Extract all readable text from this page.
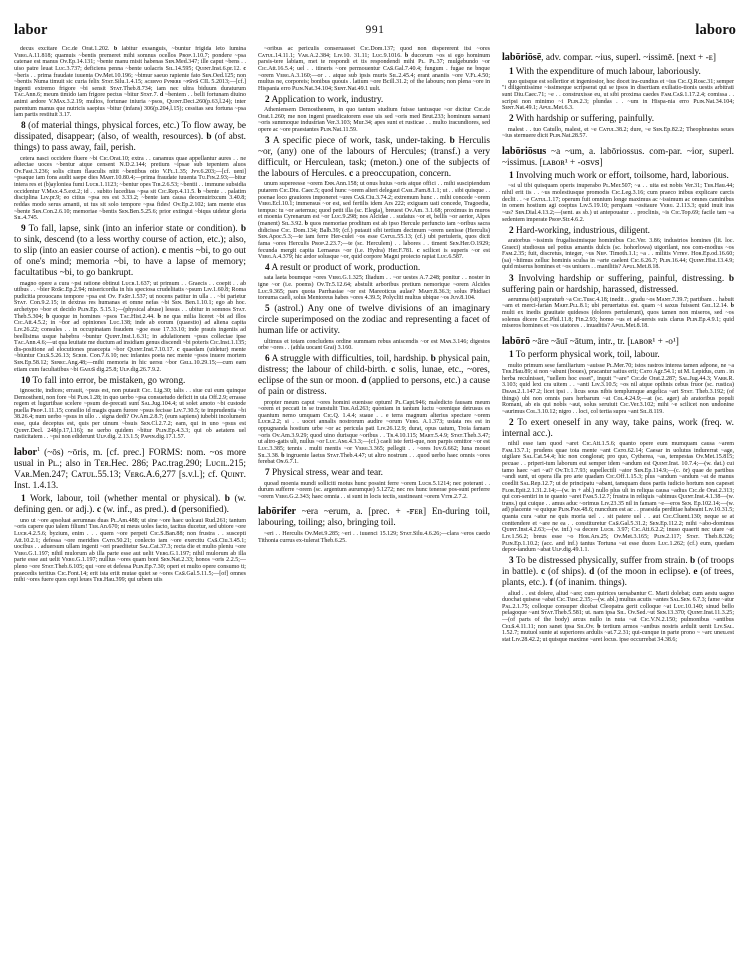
labor	991	laboro

decus excitare Cɪᴄ.de Orat.1.202. b labitur exsanguis, ~buntur frigida leto lumina Vᴇʀɢ.A.11.818; quamuis ~bentis premeret mihi somnus ocellos Pʀᴏᴘ.1.10.7; pondere ~psa catenae est manus Ov.Ep.14.131; ~bente manu misit habenas Sᴇɴ.Med.347; ille caput ~bens . . uiso patre leuat Lᴜᴄ.3.737; deficiens penna ~bente uolacris Sɪʟ.14.595; Qᴜɪɴᴛ.Inst.6.pr.12. c ~beris . . prima fraudate iuuenta Ov.Met.10.196; ~bimur saeuo rapiente fato Sᴇɴ.Oed.125; non ~bentis Numa timuit sic curia felix Sᴛᴀᴛ.Silu.1.4.15; ᴀᴄᴇʀᴠᴏ ꜰᴠɴᴇʀᴇ ~ᴘꜱᴠꜱ CIL 5.2013;—[cf.] ingenti extremo frigore ~bi sensit Sᴛᴀᴛ.Theb.8.734; iam nec ultra biduum duraturum Tᴀᴄ.Ann.6; meum timido iam frigore pectus ~bitur Sᴛᴀᴛ.7. d ~bentem . . belli fortunam diuino animi ardore V.Mᴀx.3.2.19; multos, fortunae iniuria ~psos, Qᴜɪɴᴛ.Deci.260(p.63,l.24); inter parentum manus que nutricis saepius ~bitur (infans) 306(p.204,l.15); cessitas seu fortuna ~psa iam partis restituit 3.17.

8 (of material things, physical forces, etc.) To flow away, be dissipated, disappear; (also, of wealth, resources). b (of abst. things) to pass away, fail, perish.

cetera nasci occidere fluere ~bi Cɪᴄ.Orat.10; extra . . canamus quae appellantur aures . . ne adiectae uoces ~bentur atque censent N.D.2.144; pretium ~ipsae sub tepentem aluos Ov.Fast.3.236; solis citum flauculis nitit ~bentibus otio V.Fʟ.1.35; Jᴠv.6.203;—[cf. ueni] ~psaque iam fons audit saepe dies Mᴀʀᴛ.10.80.4;—prima fraudate iuuenta Tᴜ.Fɪɴ.2.93;—bitur intera res et (b)ayloniea fumi Lᴜᴄʀ.1.1123; ~bentur opes Tɪʙ.2.6.53; ~bentii . . immune subsidia occidentur V.Mᴀx.4.5.ext.2; id . . subito luceditas ~psa sit Cɪᴄ.Rep.4.11.5. b ~bente . . palatim disciplina Lɪv.pr.9; eo citius ~psa res est 3.33.2; ~bente iam causa decemuirixcum 3.40.8; reddas modo serus amanti, ut tus sit solo tempore ~psa fides! Ov.Ep.2.102; iam mente eius ~bente Sᴇɴ.Con.2.6.10; memoriae ~bentis Sᴇɴ.Ben.5.25.6; prior extingui ~biqus uidetur gloria Sɪʟ.4.745.

9 To fall, lapse, sink (into an inferior state or condition). b to sink, descend (to a less worthy course of action, etc.); also, to slip (into an easier course of action). c mentis ~bi, to go out of one's mind; memoria ~bi, to have a lapse of memory; facultatibus ~bi, to go bankrupt.

magno opere a cura ~psi ratione obtinui Lᴜᴄʀ.1.637; ut primum . . Graecis . . coepit . . ab utibus . . ~bier Rᴏꜱᴄ.Ep.2.94; misericordia in his speciosa crudelitatis ~psum Lɪv.1.60.8; Roma pudicitia prouocans tempore ~psa est Ov. Fᴀꜱᴛ.1.537; ut nocens patitur in ulla . . ~bi parietur Sᴛᴀᴛ. Con.9.2.15; in dextras res humanas et omne nefas ~bi Sᴇɴ. Ben.1.10.1; ego ab hoc. archetypo ~bor et decido Pʟɪɴ.Ep. 5.15.1;—(physical abuse) lessus . . ubitur in somnos Sᴛᴀᴛ. Theb.5.304; b quoque in homines ~psos Tᴀᴄ.Hist.2.44. b ne qua milia liceret ~bi ad illos Cɪᴄ.Att.4.5.2; in ~bor ad opiniones Lᴜᴄ.138; inde ab eorum (quaestio) ad aliena capita Lɪv.26.22; consules . . in occupinatam fraudem ~goe esse 17.33.10; inde prauis ingeniis ad beellisima usque habebra ~buntur Qᴜɪɴᴛ.Inst.1.6.31; in adulationem ~psus collectae ipse Tᴀᴄ.Ann.4.6;—ut qua leuitate me ductum ad insidiam genus discendi ~bi poteris Cɪᴄ.Inst.1.135; dis-positione ad elocutiones praecepta ~bor Qᴜɪɴᴛ.Inst.7.10.17. c quaedam (uidetur) mente ~biuntur Cᴇʟꜱ.5.26.13; Sᴄʀɪʙ. Con.7.6.10; nec infantes poeta nec mente ~psos inuere mortem Sᴇɴ.Ep.58.12; Sᴇɴᴇᴄ.Ang.48;—mihi memoria in hic uersu ~bor Gᴇʟʟ.10.29.15;—cum eam etiam cum facultatibus ~bi Gᴀɪᴜꜱ dig.25.8; Uʟᴘ.dig.26.7.9.2.

10 To fall into error, be mistaken, go wrong.

ignoscite, indices; errauit, ~psus est, non putauit Cɪᴄ. Lig.30; talis . . siue cui eum quinque Demostheni, non fore ~bi Pʟɪɴ.1.28; in quo uerbo ~psa consuetudo deficit in uia Off.2.9; errasse regem et lugurtibae scelere ~psum de-precati sunt Sᴀʟ.Jug.104.4; ut solet amoto ~bi custode puella Pʀᴏᴘ.1.11.15; consilio id magis quam furore ~psus fecisse Lɪv.7.30.5; te imprudentia ~bi 38.26.4; num uerbo ~psus in ullo . . signa dedi? Ov.Am.2.8.7; (eum sapiens) iubebit incolumem esse, quia deceptus est, quis per uinum ~bsuis Sᴇɴ.Cl.2.7.2; eam, qui in uno ~psus est Qᴜɪɴᴛ.Decl. 248(p.17,l.16); ne uerbo quidem ~bitur Pʟɪɴ.Ep.4.3.3; qui ob aetatem uel rusticitatem . . ~psi non ediderunt Uʟᴘ.dig. 2.13.1.5; Pᴀᴘɪɴ.dig.17.1.57.

labor$^1$ (~ōs) ~ōris, m. [cf. prec.] FORMS: nom. ~os more usual in Pʟ.; also in Tᴇʀ.Hec. 286; Pᴀᴄ.trag.290; Lᴜᴄɪʟ.215; Vᴀʀ.Men.247; Cᴀᴛᴜʟ.55.13; Vᴇʀɢ.A.6,277 [s.v.l.]; cf. Qᴜɪɴᴛ. Inst. 1.4.13.

1 Work, labour, toil (whether mental or physical). b (w. defining gen. or adj.). c (w. inf., as pred.). d (personified).

uno ut ~ore apsoluat aerumnas duas Pʟ.Am.488; ut sine ~ore haec uolcaui Rud.261; tantum ~oris capere quo talem filium! Tᴇʀ.An.670; ni meus uoles facto, tacitus ducetur, sed ubiore ~ore Lᴜᴄʀ.4.2.5.6; byzium, enim . . . quem ~ore perpeti Cɪᴄ.S.Ban.88; non frustra . . suscepti Att.10.2.1; defessa ~ore meridies Cᴀᴛᴏ.50.21; conlecto iam ~ore exercitu Cᴀꜱ.Ciu.3.45.1; uocibus . . aduersum ullam ingenti ~ori praeditetur Sᴀʟ.Cat.37.3; recta die et multo pleniu ~ore Vᴇʀɢ.G.1.197; nihil mulorum ab illa parte esse aut uelit Vᴇʀɢ.G.1.197; nihil mulorum ab illa parte esse aut uelit Vᴇʀɢ.G.1.197; nullius ~ores quam boni Sᴇɴ.Nat.2.33; honos ~oris 2.2.5;—pleno ~ore Sᴛᴀᴛ.Theb.6.105; qui ~ore et defessa Pʟɪɴ.Ep.7.30; operi et multo opere consumo ti; praecedis teritius Cɪᴄ.Font.14; erit ista eriit mutae quiet se ~ores Cᴀꜱ.Gal.5.11.5;—[of] omnes mihi ~ores fuere quos cepi leues Tᴇʀ.Hau.399; qui urbem uiis

~oribus ac periculis conseruasset Cɪᴄ.Dom.137; quod non dispererent itsi ~ores Cᴀᴛᴜʟ.14.11.1; Vᴀʀ.A.2.384; Lɪv.10. 31.11; Lᴜᴄ.9.1016. b ducorum ~os si ego hominum parsis-tere labiam, met te respondi et tis respondendi mihi Pʟ. Pʟ.37; mulgebundo ~or Cɪᴄ.Att.16.5.4; uel . . itineris ~ore permouentur Cᴀꜱ.Gal.7.40.4; fungum . fugae ne bnque ~orem Vᴇʀɢ.A.3.160;—or . . atque sub ipsis muris Sɪʟ.2.45.4; erant ananiis ~ore V.Fʟ.4.50; multus ne, corporeis; bonibus quouis . latium ~ore Bcill.31.2; of the labours; non plena ~ore in Hispania erro Pʟɪɴ.Nat.34.104; Sᴇɴᴛ.Nat.49.1 uult.

2 Application to work, industry.

Atheniensem Demosthenem, in quo tantum studium fuisse tantusque ~or dicitur Cɪᴄ.de Orat.1.260; me non ingeni praedicatorem esse uis sed ~oris med Brut.233; hominum samani ~oris summoque industrian Ver.3.103; Mur.34; apes sunt et rusticae . . multo iracundiores, sed opere ac ~ore praestantes Pʟɪɴ.Nat.11.59.

3 A specific piece of work, task, under-taking. b Herculis ~or, (any) one of the labours of Hercules; (transf.) a very difficult, or Herculean, task; (meton.) one of the subjects of the labours of Hercules. c a preoccupation, concern.

unum supereesse ~orem Eɴɴ.Ann.158; ut onus huius ~oris atque offici . . mihi suscipiendum putarem Cɪᴄ.Diu. Caec.5; quod hunc ~orem alteri delegaui Cᴀᴇʟ.Fam.8.1.1; ut . . sibi quisque . . poenae loco grauiores imponeret ~ures Cᴀꜱ.Ciu.3.74.2; extremum hunc . . mihi concede ~orem Vᴇʀɢ.Ecl.10.1; immensus ~or est, sed fertilis idem Ars 222; exiguam uati concede, Tragoedia, tempus: tu ~or aeternus; quod petit illa (sc. Elegia), breuest Ov.Am. 3.1.68; proximus in muros et moenia Cyrenarum est ~or Lᴜᴄ.9.298; nos Alcidae . . sudatus ~or et, bellis ~or aerior, Alpes (manent) Sɪʟ.3.92. b quos memoriae proditum est ab ipso Hercule perfuncto iam ~oribus sacra didicisse Cɪᴄ. Dom.134; Balb.39; (cf.) putauit sibi tertium decimum ~orem uenisse (Herculis) Sᴇɴ.Apoc.5.3;—te iam ferre Her-culei ~os esse Cᴀᴛᴜʟ.55.13; (cf.) ubi pertuleris, quos dicit fama ~ores Herculis Pʀᴏᴘ.2.23.7;—te (sc. Herculem) . . labores . . timent Sᴇɴ.Her.O.1929; fecunda mergit capita Lernaeus ~or (i.e. Hydra) Her.F.781. c scilicet is superis ~or est Vᴇʀɢ.A.4.379; hic ardor solusque ~or, quid corpore Magni proiecto rapiat Lᴜᴄ.6.587.

4 A result or product of work, production.

sata laeta boumque ~ores Vᴇʀɢ.G.1.325; Iliadum . . ~or uestes A.7.248; ponitur . . noster in igne ~or (i.e. poems) Ov.Tr.5.12.64; abstulit arboribus pretium nemorique ~orem Alcides Lᴜᴄ.9.365; pars quota Parrhasiae ~or est Mareoticus aulae? Mᴀʀᴛ.8.36.3; solus Phidiaci toreuma caeli, solus Mentoreus habes ~ores 4.39.5; Polycliti multus ubique ~os Jᴜv.8.104.

5 (astrol.) Any one of twelve divisions of an imaginary circle superimposed on the zodiac and representing a facet of human life or activity.

ultimus et totam concludens ordine summam rebus aniscendis ~or est Mᴀɴ.3.146; digestos orbe ~ores . . (athla uocant Grai) 3.160.

6 A struggle with difficulties, toil, hardship. b physical pain, distress; the labour of child-birth. c solis, lunae, etc., ~ores, eclipse of the sun or moon. d (applied to persons, etc.) a cause of pain or distress.

propter meum caput ~ores homini euenisse optum! Pʟ.Capt.946; maledicto fausam meum ~orem et peccati in se transtulit Tᴇʀ.Ad.263; quoniam in tantum luctu ~orenique detrusus es quantum nemo umquam Cɪᴄ.Q. 1.4.4; suaue . . e terra magnum alterius spectare ~orem Lᴜᴄʀ.2.2; si . . uocet annalis nostrorum audire ~orum Vᴇʀɢ. A.1.373; ustata res est in oppugnanda hostium urbe ~or ac pericula pati Lɪv.26.12.9; durat, opus uatum, Troia famam ~oris Ov.Am.3.9.29; quod uino durisque ~oribus . . Tʀ.4.10.115; Mᴀʀᴛ.5.4.9; Sᴛᴀᴛ.Theb.3.47; ut altro-gatis uli, nullus ~or Lᴜᴄ.Aɴɢ.4.3.3;—(cf.) caeli iste ferti-que, non parpis omittor ~or est Lᴜᴄ.3.385; tennis . multi mentis ~or Vᴇʀɢ.3.365; pellegit . . ~ores Iᴜᴠ.6.662; Iuna mouet Sɪʟ.3.38. b ingruente laetus Sᴛᴀᴛ.Theb.4.47; ut altro nostrum . . .quod uerbo haec omnis ~ores ferebat Oɴ.6.7.1.

7 Physical stress, wear and tear.

quoad moenia mundi solliciti motus hunc possint ferre ~orem Lᴜᴄʀ.5.1214; nec poterant . . durum sufferre ~orem (sc. argentum aurumque) 5.1272; nec res hunc tenerae pos-sunt perferre ~orem Vᴇʀɢ.G.2.343; haec omnia . . si sunt in locis tectis, sustineant ~orem Vɪᴛʀ.2.7.2.

labōrifer ~era ~erum, a. [prec. + -ꜰᴇʀ] En-during toil, labouring, toiling; also, bringing toil.

~eri . . Herculis Ov.Met.9.285; ~eri . . iuuenci 15.129; Sᴛᴀᴛ.Silu.4.6.26;—clara ~eros caedo Tithonia currus ex-tulerat Theb.6.25.

labōriōsē, adv. compar. ~ius, superl. ~issimē. [next + -ᴇ]

1 With the expenditure of much labour, laboriously.

quo quisque est sollertior et ingeniosior, hoc docet ira-cundius et ~ius Cɪᴄ.Q.Rosc.31; semper "i diligentissime ~issimeque scripserat qui se ipsos in disertiam exiliatio-tionis uestis arbitrati sunt Diu.Caec.71; ~e . . construxisse eu, ut sibi proxima caedes Fᴀᴍ.Cᴀꜱ.1.17.2.4; comissa . . scripsi non minimo ~i Pʟɪɴ.2.3; plundas . . ~um in Hispa-nia erro Pʟɪɴ.Nat.34.104; Sᴇɴᴛ.Nat.49.1; Aᴘᴜʟ.Met.6.3.

2 With hardship or suffering, painfully.

malest . . tuo Catullo, malest, et ~e Cᴀᴛᴜʟ.38.2; dure, ~e Sᴇɴ.Ep.82.2; Theophrastus seues ~ius sternuere dicit Pʟɪɴ.Nat.28.57.

labōriōsus ~a ~um, a. labōriossus. com-par. ~ior, superl. ~issimus. [ʟᴀʙᴏʀ¹ + -ᴏꜱᴠꜱ]

1 Involving much work or effort, toilsome, hard, laborious.

~si ul tibi quisquam operis inuperabo Pʟ.Mer.507; ~a . . uita est nobis Ver.31; Tᴇʀ.Hau.44; nihil erit iis . . ~us molestiusque promodis Cɪᴄ.Leg.3.16; cum praeco inibus explicare carcis declit . . ~e Cᴀᴛᴜʟ.1.17; operum fuit omnium longe maximus ac ~issimum ac omnes caminibus in omem hostium agi coeptus Lɪv.5.19.10; perquam ~ositaure Vᴇʀɢ. 2.113.3; quid inuit iras ~us? Sᴇɴ.Dial.4.13.2;—(sent. as sb.) ut antepouatur . . proclinis, ~is Cɪᴄ.Top.69; facile tam ~a sedentem imperate Pʀᴏᴘ.Str.4.6.2.

2 Hard-working, industrious, diligent.

aratorbus ~issimis frugalissimisque hominibus Cɪᴄ.Ver. 3.86; industrios homines (lit. loc. Graeci) studiosus uel potius amantis dulcis (sc. hohorlowa) uigorilant, nos com-modius ~os Fᴀᴍ.2.35; fuit, discretus, integer, ~us Nᴇᴘ. Timoth.1.1; ~a . . militis Vɪᴛʀᴠ. Hᴏʀ.Ep.od.16.60; (sa) ~hiimus zelluc hominis sculsa in ~arte caelent Cɪᴄ.6.26.7; Pʟɪɴ.16.44; Qᴜɪɴᴛ.Hist.13.4.9; quid miserus homines et ~os uniuers . . manilitis? Aᴘᴜʟ.Met.8.18.

3 Involving hardship or suffering, painful, distressing. b suffering pain or hardship, harassed, distressed.

aerumna (sit) supraturb ~a Cɪᴄ.Tusc.4.18; inedit . . gradu ~os Mᴀɴᴛ.7.39.7; partibam . . habuit ~am et merci-farian Mᴀʀᴛ.Pʟʟ.8.1; ubi peruertatus est. quam ~i saxus fuissent Gᴇʟ.12.14. b multi ex inedis grauitate quidesos (dolores pertulerunt), quos tamen non miseros, sed ~os solenus dicere Cɪᴄ.Phil.11.8; Fin.2.93; homo ~us et ad-uersis suis clarus Pʟɪɴ.Ep.4.9.1; quid miseros homines et ~os uiatores . . inuaditis? Aᴘᴜʟ.Met.8.18.

labōrō ~āre ~āuī ~ātum, intr., tr. [ʟᴀʙᴏʀ¹ + -ᴏ¹]

1 To perform physical work, toil, labour.

multo primum sese familiarium ~auisse Pʟ.Mer.70; istos rastros interea tamen adpone, ne ~a Tᴇʀ.Hau.89; si non ~abunt (boues), pracantur satius erit; Cᴀᴛᴏ Agr.54.1; ut M. Lepidus, cum . in herba reculnisset, "uellem hoc esset", inquit "~are" Cɪᴄ.de Orat.2.287; Sᴀʟ.Jug.44.3; Vᴀʀʀ.R. 3.103; quid lexi cra uitem . . ~anti Lɪv.3.10.5; ~os nil atque opihnis cebus fruor (sc. rustica) Dᴇᴀᴍ.2.1.147.2; licet ipsi . . licus sous nibis templumque angelica ~art Sᴛᴀᴛ. Theb.3.192; (of things) ubi non omnis pars herbarum ~at Cᴏʟ.4.24.9;—at (sc. ager) ab aratoribus populi Romani, ab eis qui nobis ~aut, solus seruiuit Cɪᴄ.Ver.3.102; mihi ~e scilicet non undonine ~aurimus Cᴏʟ.3.10.12; nigro . . loci, col tertia supra ~ant Sɪʟ.8.119.

2 To exert oneself in any way, take pains, work (freq. w. internal acc.).

nihil esse iam quod ~aret Cɪᴄ.Att.1.5.6; quanto opere eum mumquam causa ~arem Fᴀᴍ.13.7.1; prudens quae tota mente ~ant Cᴀᴛᴏ.62.14; Caesar in uolutus indurerrat ~age, uigilare Sᴀʟ.Cat.54.4; hic non conglorat; pro quo, Cytherea, ~as, tempestas Ov.Met.15.815; pecuae . . priperi-tum laborum eui semper idem ~andum est Qᴜɪɴᴛ.Inst. 10.7.4;—(w. dat.) cui tamo haec ~ari ~at? Ov.Tr.1.7.93; supellectili ~ator Sᴇɴ.Ep.114.9;—(c. ōr) quae de partibus ~andi sunt, ut opera illa pro arte quadam Cɪᴄ.Off.1.15.3; plus ~andum ~andum ~at de manus coedlit Sᴀʟ.Rep.12.7; ut de principatu ~abant, tamquam duos partis iudicio hortum non capeset Fʟᴏʀ.Epit.2.1.31.2.14;—(w. in + abl.) nullo plus uli in reliqua causa ~adius Cɪᴄ.de Orat.2.313; qui con-sentiri in te quanto ~aret Fᴀᴍ.5.12.7; frustra in reliquis ~abimus Qᴜɪɴᴛ.Inst.4.1.38—(w. trans.) qui cuique . . amus aduc ~orimus Lɪv.23.35 nil in famam ~e—eros Sᴇɴ. Ep.102.14;—(w. ad) placente ~e quique Pʟɪɴ.Pᴀɴ.48.6; nuncdum est ac . . praesida perditiae habeant Lɪv.10.31.5; quanta cura ~atur ne quis moria uel . . sit patere uel . . aut Cɪᴄ.Cluent.130; neque se at conttendere et ~are ne ea . . constituretur Cᴀꜱ.Gal.5.31.2; Sᴇɴ.Ep.112.2; mihi ~abo-dominus Qᴜɪɴᴛ.Inst.4.2.63;—(w. inf.) ~a decere Lᴜᴄʀ. 3.97; Cɪᴄ.Att.6.2.2; inuso quaerit nec uiare ~at Lɪv.1.56.2; breus esse ~o Hᴏʀ.Ars.25; Ov.Met.3.165; Pʟɪɴ.2.117; Sᴛᴀᴛ. Theb.8.326; Pʟɪɴ.Ep.1.10.2; (acc. and inf.) tantus Tortuna ~at esse duces Lᴜᴄ.1.262; (cf.) eum, quedam depor-tandum ~abat Uʟᴘ.dig.49.1.1.

3 To be distressed physically, suffer from strain. b (of troops in battle). c (of ships). d (of the moon in eclipse). e (of trees, plants, etc.). f (of inanim. things).

aliud . . est dolere, aliud ~are; cum quirices uersabantur C. Marii dolebat; cum aestu uagno duochat quisese ~abat Cɪᴄ.Tusc.2.35;—(w. abl.) multus acutis ~antes Sᴀʟ.Sᴇɴ. 6.7.3; fame ~atur Pᴀʟ.2.1.75; colloque consuper dicebat Cleopatra gerit colloque ~at Lᴜᴄ.10.140; sinud bello pelagoque ~ant Sᴛᴀᴛ.Theb.5.581; ut. nam ipsa Sɪʟ. Ov.Sed.~ut Sᴇɴ.13.370; Qᴜɪɴᴛ.Inst.11.3.25;—(of parts of the body) arcus nullo in nuta ~at Cɪᴄ.V.N.2.150; pulmonibus ~antibus Cᴇʟꜱ.4.11.11; non sanet ipsa Sɪʟ.Ov. b tertium armos ~antbus nostris ardulit uenit Lɪv.Sᴀʟ. 1.52.7; mutuol sunte at superiores ardulis ~at.7.2.31; qui-cunque in parte prono ~ ~arc uneu.est stat Lɪv.28.42.2; ut quisque maxime ~aret locus. ipse occurrebat 34.38.6;
